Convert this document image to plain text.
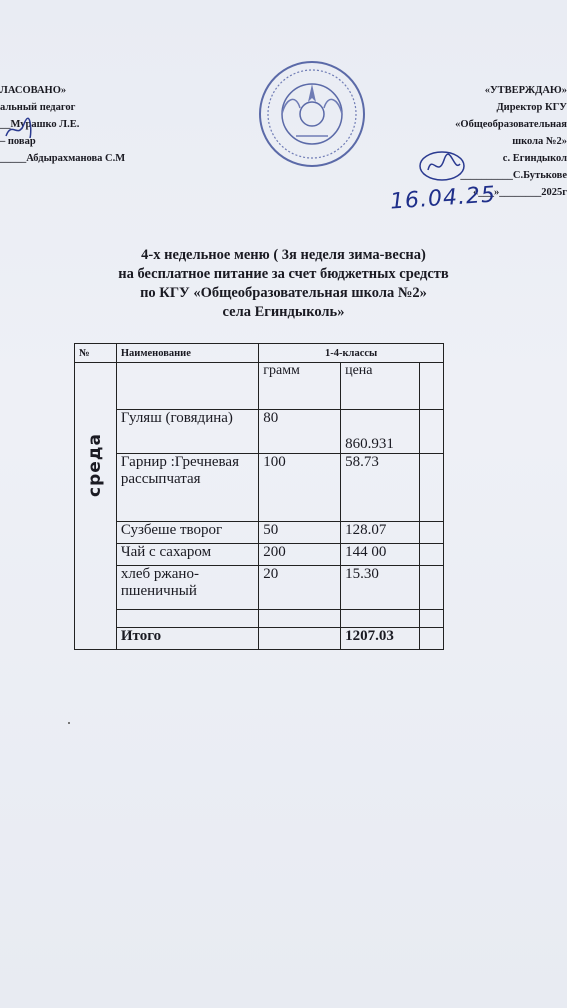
ЛАСОВАНО»
альный педагог
__Мурашко Л.Е.
– повар
_____Абдырахманова С.М
«УТВЕРЖДАЮ»
Директор КГУ
«Общеобразовательная
школа №2»
с. Егиндыкол
__________С.Бутькове
«___»________2025г
16.04.25
4-х недельное меню ( 3я неделя зима-весна)
на бесплатное питание за счет бюджетных средств
по КГУ «Общеобразовательная школа №2»
села Егиндыколь»
№	Наименование	1-4-классы		
среда		грамм	цена	
	Гуляш (говядина)	80	860.931	
	Гарнир :Гречневая рассыпчатая	100	58.73	
	Сузбеше творог	50	128.07	
	Чай с сахаром	200	144 00	
	хлеб ржано-пшеничный	20	15.30	

	Итого		1207.03	
